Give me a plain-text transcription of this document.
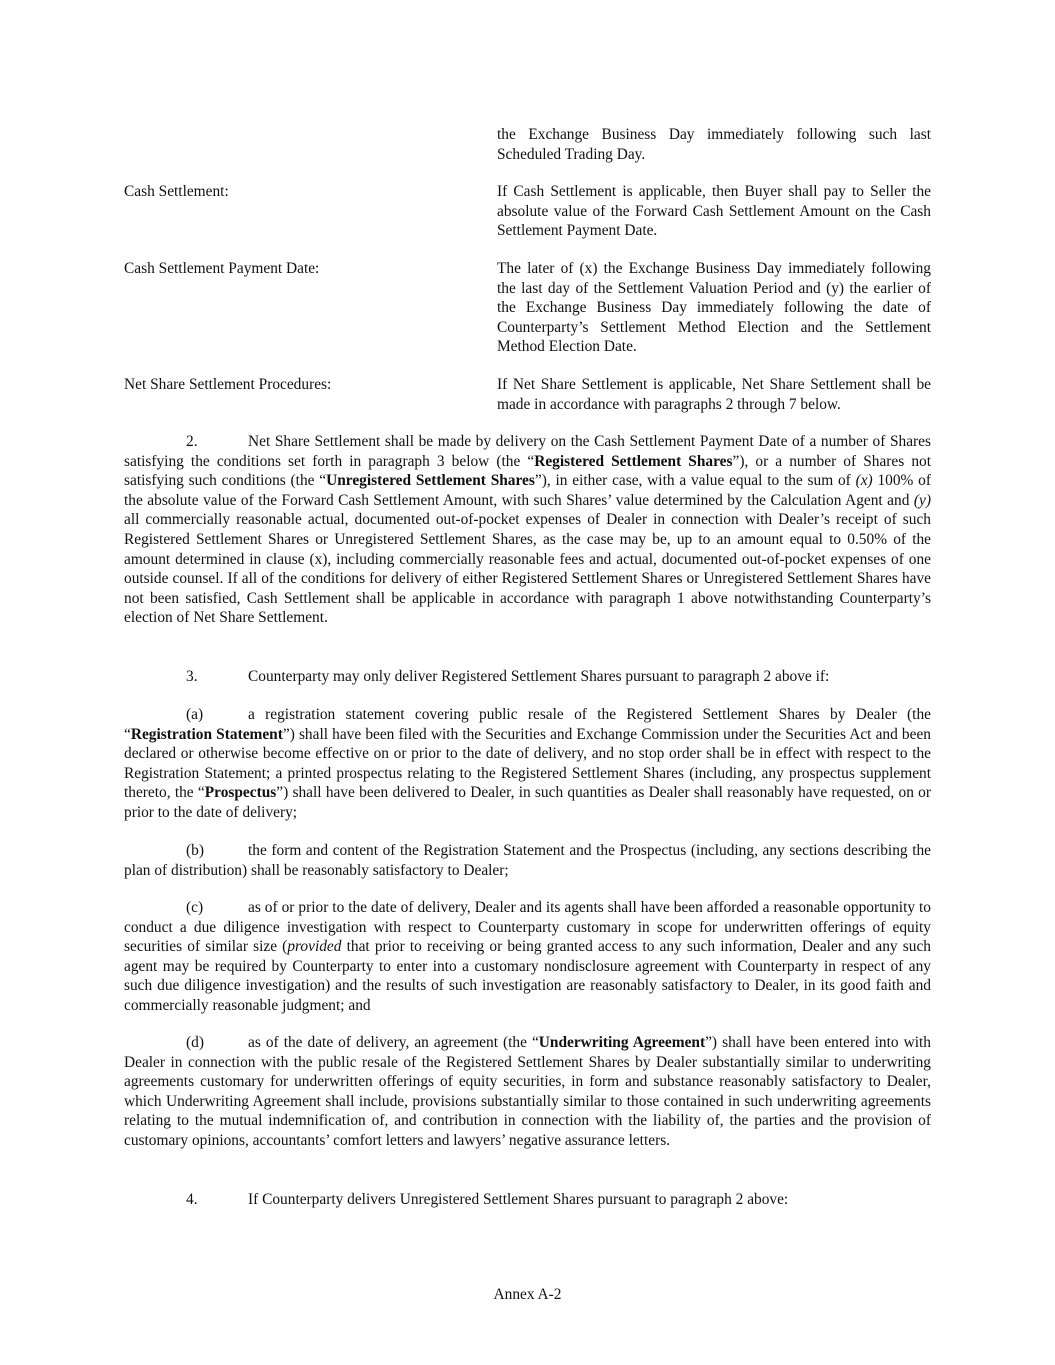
the Exchange Business Day immediately following such last Scheduled Trading Day.
Cash Settlement:	If Cash Settlement is applicable, then Buyer shall pay to Seller the absolute value of the Forward Cash Settlement Amount on the Cash Settlement Payment Date.
Cash Settlement Payment Date:	The later of (x) the Exchange Business Day immediately following the last day of the Settlement Valuation Period and (y) the earlier of the Exchange Business Day immediately following the date of Counterparty’s Settlement Method Election and the Settlement Method Election Date.
Net Share Settlement Procedures:	If Net Share Settlement is applicable, Net Share Settlement shall be made in accordance with paragraphs 2 through 7 below.

2.	Net Share Settlement shall be made by delivery on the Cash Settlement Payment Date of a number of Shares satisfying the conditions set forth in paragraph 3 below (the “Registered Settlement Shares”), or a number of Shares not satisfying such conditions (the “Unregistered Settlement Shares”), in either case, with a value equal to the sum of (x) 100% of the absolute value of the Forward Cash Settlement Amount, with such Shares’ value determined by the Calculation Agent and (y) all commercially reasonable actual, documented out-of-pocket expenses of Dealer in connection with Dealer’s receipt of such Registered Settlement Shares or Unregistered Settlement Shares, as the case may be, up to an amount equal to 0.50% of the amount determined in clause (x), including commercially reasonable fees and actual, documented out-of-pocket expenses of one outside counsel. If all of the conditions for delivery of either Registered Settlement Shares or Unregistered Settlement Shares have not been satisfied, Cash Settlement shall be applicable in accordance with paragraph 1 above notwithstanding Counterparty’s election of Net Share Settlement.

3.	Counterparty may only deliver Registered Settlement Shares pursuant to paragraph 2 above if:

(a)	a registration statement covering public resale of the Registered Settlement Shares by Dealer (the “Registration Statement”) shall have been filed with the Securities and Exchange Commission under the Securities Act and been declared or otherwise become effective on or prior to the date of delivery, and no stop order shall be in effect with respect to the Registration Statement; a printed prospectus relating to the Registered Settlement Shares (including, any prospectus supplement thereto, the “Prospectus”) shall have been delivered to Dealer, in such quantities as Dealer shall reasonably have requested, on or prior to the date of delivery;

(b)	the form and content of the Registration Statement and the Prospectus (including, any sections describing the plan of distribution) shall be reasonably satisfactory to Dealer;

(c)	as of or prior to the date of delivery, Dealer and its agents shall have been afforded a reasonable opportunity to conduct a due diligence investigation with respect to Counterparty customary in scope for underwritten offerings of equity securities of similar size (provided that prior to receiving or being granted access to any such information, Dealer and any such agent may be required by Counterparty to enter into a customary nondisclosure agreement with Counterparty in respect of any such due diligence investigation) and the results of such investigation are reasonably satisfactory to Dealer, in its good faith and commercially reasonable judgment; and

(d)	as of the date of delivery, an agreement (the “Underwriting Agreement”) shall have been entered into with Dealer in connection with the public resale of the Registered Settlement Shares by Dealer substantially similar to underwriting agreements customary for underwritten offerings of equity securities, in form and substance reasonably satisfactory to Dealer, which Underwriting Agreement shall include, provisions substantially similar to those contained in such underwriting agreements relating to the mutual indemnification of, and contribution in connection with the liability of, the parties and the provision of customary opinions, accountants’ comfort letters and lawyers’ negative assurance letters.

4.	If Counterparty delivers Unregistered Settlement Shares pursuant to paragraph 2 above:

Annex A-2
